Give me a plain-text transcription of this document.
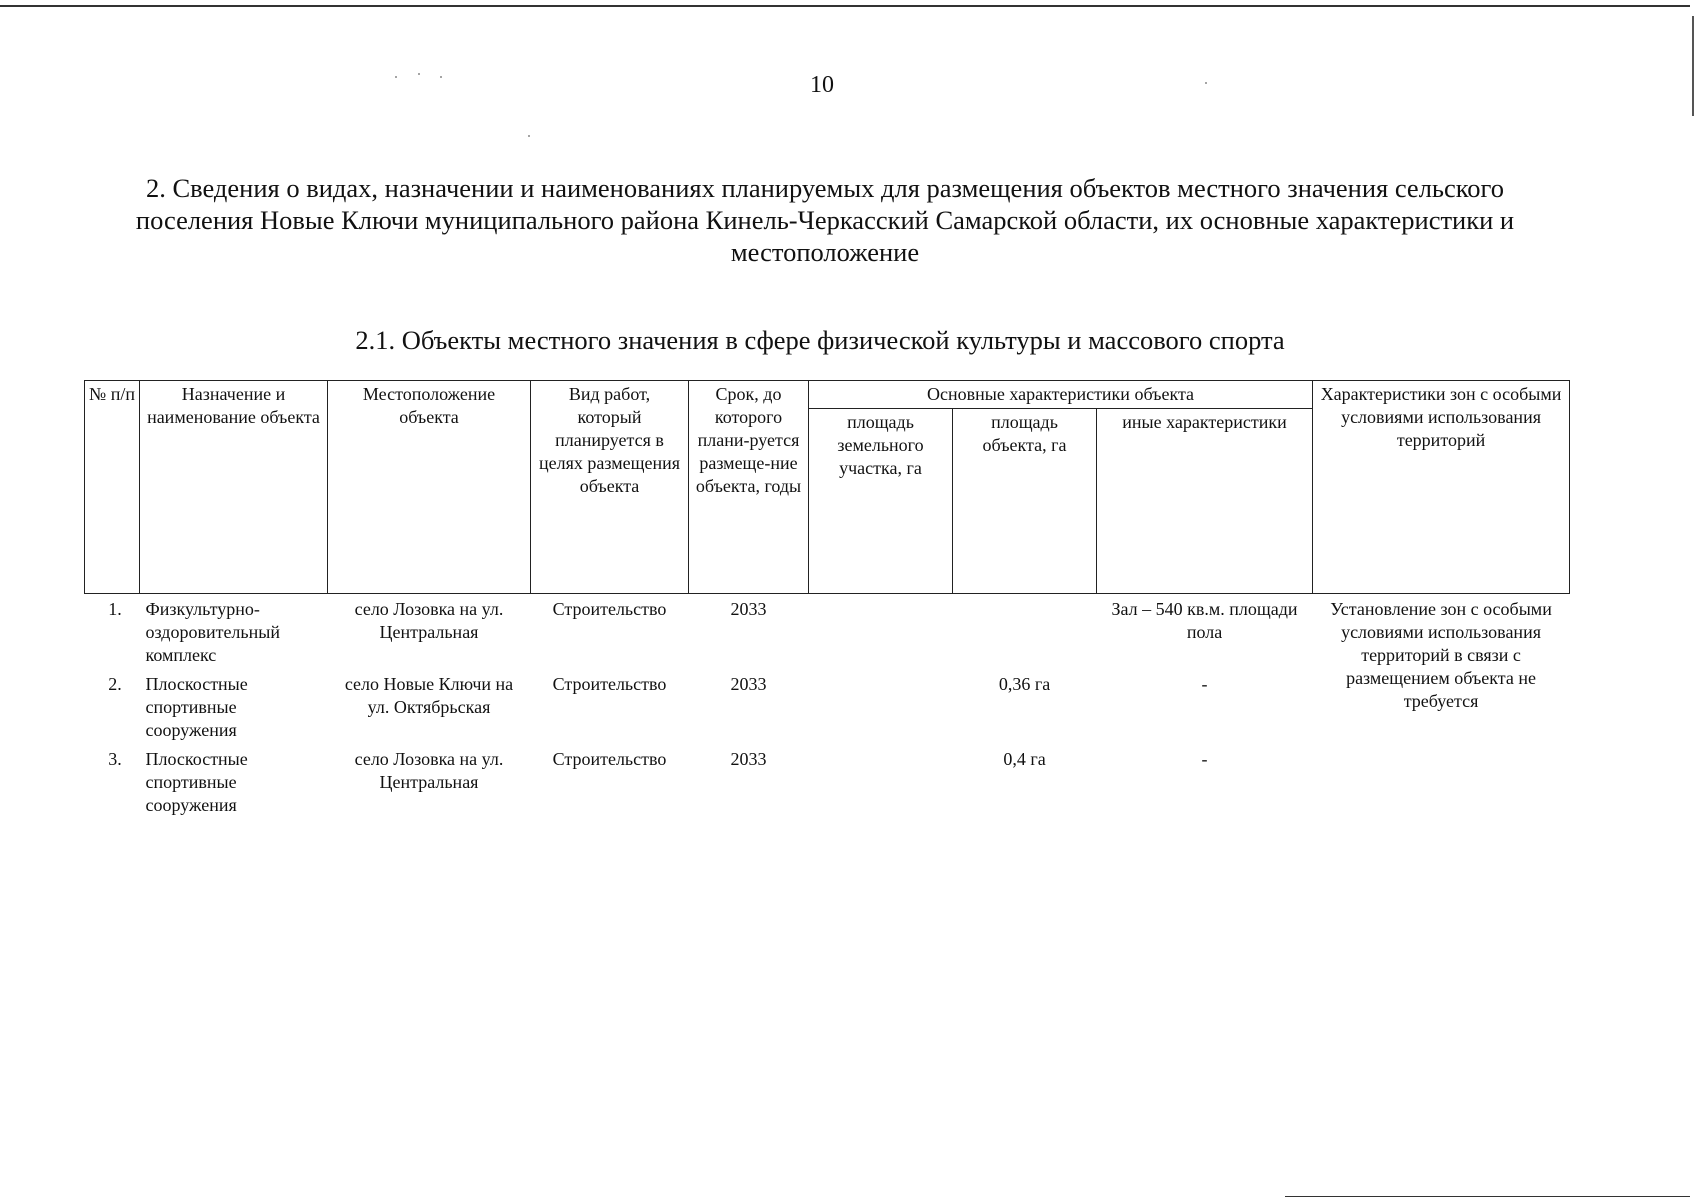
10
2. Сведения о видах, назначении и наименованиях планируемых для размещения объектов местного значения сельского поселения Новые Ключи муниципального района Кинель-Черкасский Самарской области, их основные характеристики и местоположение
2.1. Объекты местного значения в сфере физической культуры и массового спорта
№ п/п	Назначение и наименование объекта	Местоположение объекта	Вид работ, который планируется в целях размещения объекта	Срок, до которого плани-руется размеще-ние объекта, годы	Основные характеристики объекта			Характеристики зон с особыми условиями использования территорий
					площадь земельного участка, га	площадь объекта, га	иные характеристики	
1.	Физкультурно-оздоровительный комплекс	село Лозовка на ул. Центральная	Строительство	2033			Зал – 540 кв.м. площади пола	Установление зон с особыми условиями использования территорий в связи с размещением объекта не требуется
2.	Плоскостные спортивные сооружения	село Новые Ключи на ул. Октябрьская	Строительство	2033		0,36 га	-	
3.	Плоскостные спортивные сооружения	село Лозовка на ул. Центральная	Строительство	2033		0,4 га	-	
